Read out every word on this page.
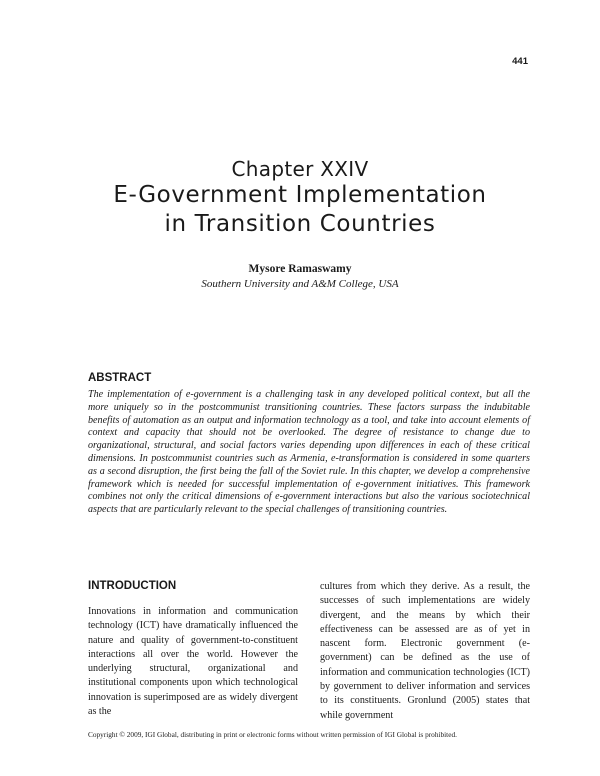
441
Chapter XXIV
E-Government Implementation
in Transition Countries
Mysore Ramaswamy
Southern University and A&M College, USA
ABSTRACT

The implementation of e-government is a challenging task in any developed political context, but all the more uniquely so in the postcommunist transitioning countries. These factors surpass the indubitable benefits of automation as an output and information technology as a tool, and take into account elements of context and capacity that should not be overlooked. The degree of resistance to change due to organizational, structural, and social factors varies depending upon differences in each of these critical dimensions. In postcommunist countries such as Armenia, e-transformation is considered in some quarters as a second disruption, the first being the fall of the Soviet rule. In this chapter, we develop a comprehensive framework which is needed for successful implementation of e-government initiatives. This framework combines not only the critical dimensions of e-government interactions but also the various sociotechnical aspects that are particularly relevant to the special challenges of transitioning countries.

INTRODUCTION

Innovations in information and communication technology (ICT) have dramatically influenced the nature and quality of government-to-constituent interactions all over the world. However the underlying structural, organizational and institutional components upon which technological innovation is superimposed are as widely divergent as the

cultures from which they derive. As a result, the successes of such implementations are widely divergent, and the means by which their effectiveness can be assessed are as of yet in nascent form. Electronic government (e-government) can be defined as the use of information and communication technologies (ICT) by government to deliver information and services to its constituents. Gronlund (2005) states that while government

Copyright © 2009, IGI Global, distributing in print or electronic forms without written permission of IGI Global is prohibited.
